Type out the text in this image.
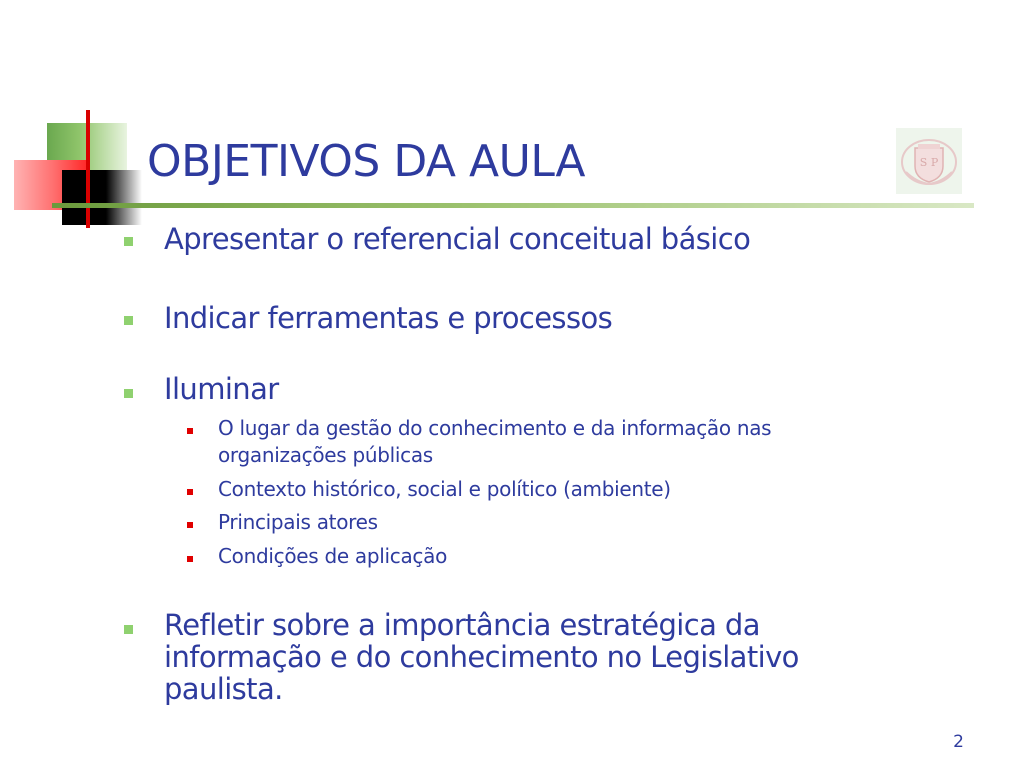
OBJETIVOS DA AULA	S P

Apresentar o referencial conceitual básico

Indicar ferramentas e processos

Iluminar

O lugar da gestão do conhecimento e da informação nas organizações públicas

Contexto histórico, social e político (ambiente)

Principais atores

Condições de aplicação

Refletir sobre a importância estratégica da informação e do conhecimento no Legislativo paulista.

2
